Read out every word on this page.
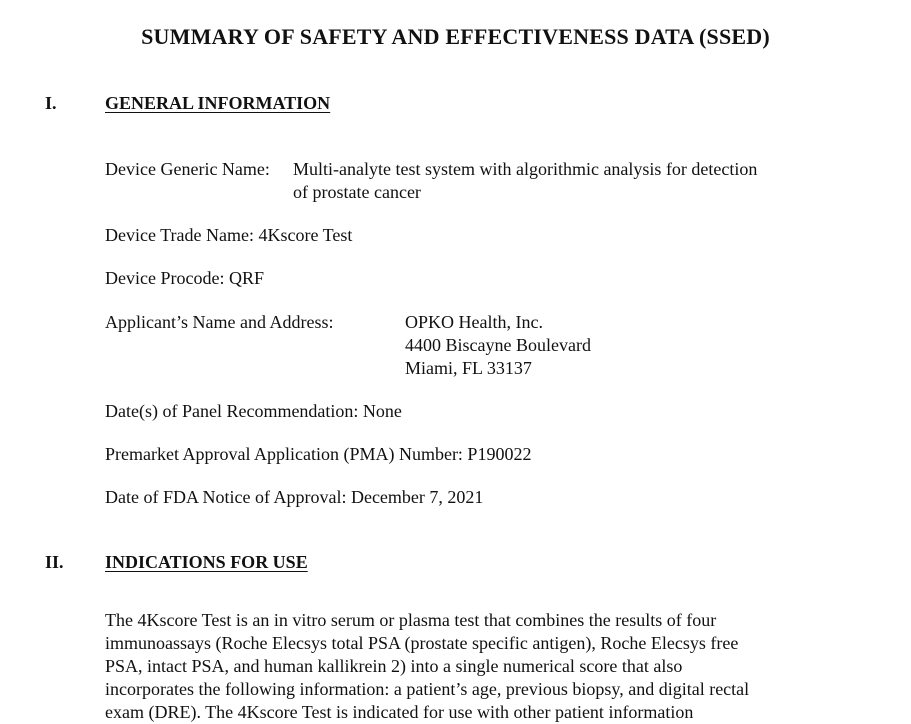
SUMMARY OF SAFETY AND EFFECTIVENESS DATA (SSED)
I.	GENERAL INFORMATION
Device Generic Name: Multi-analyte test system with algorithmic analysis for detection
of prostate cancer
Device Trade Name: 4Kscore Test
Device Procode: QRF
Applicant’s Name and Address:	OPKO Health, Inc.
4400 Biscayne Boulevard
Miami, FL 33137
Date(s) of Panel Recommendation: None
Premarket Approval Application (PMA) Number: P190022
Date of FDA Notice of Approval: December 7, 2021
II. INDICATIONS FOR USE
The 4Kscore Test is an in vitro serum or plasma test that combines the results of four
immunoassays (Roche Elecsys total PSA (prostate specific antigen), Roche Elecsys free
PSA, intact PSA, and human kallikrein 2) into a single numerical score that also
incorporates the following information: a patient’s age, previous biopsy, and digital rectal
exam (DRE). The 4Kscore Test is indicated for use with other patient information
